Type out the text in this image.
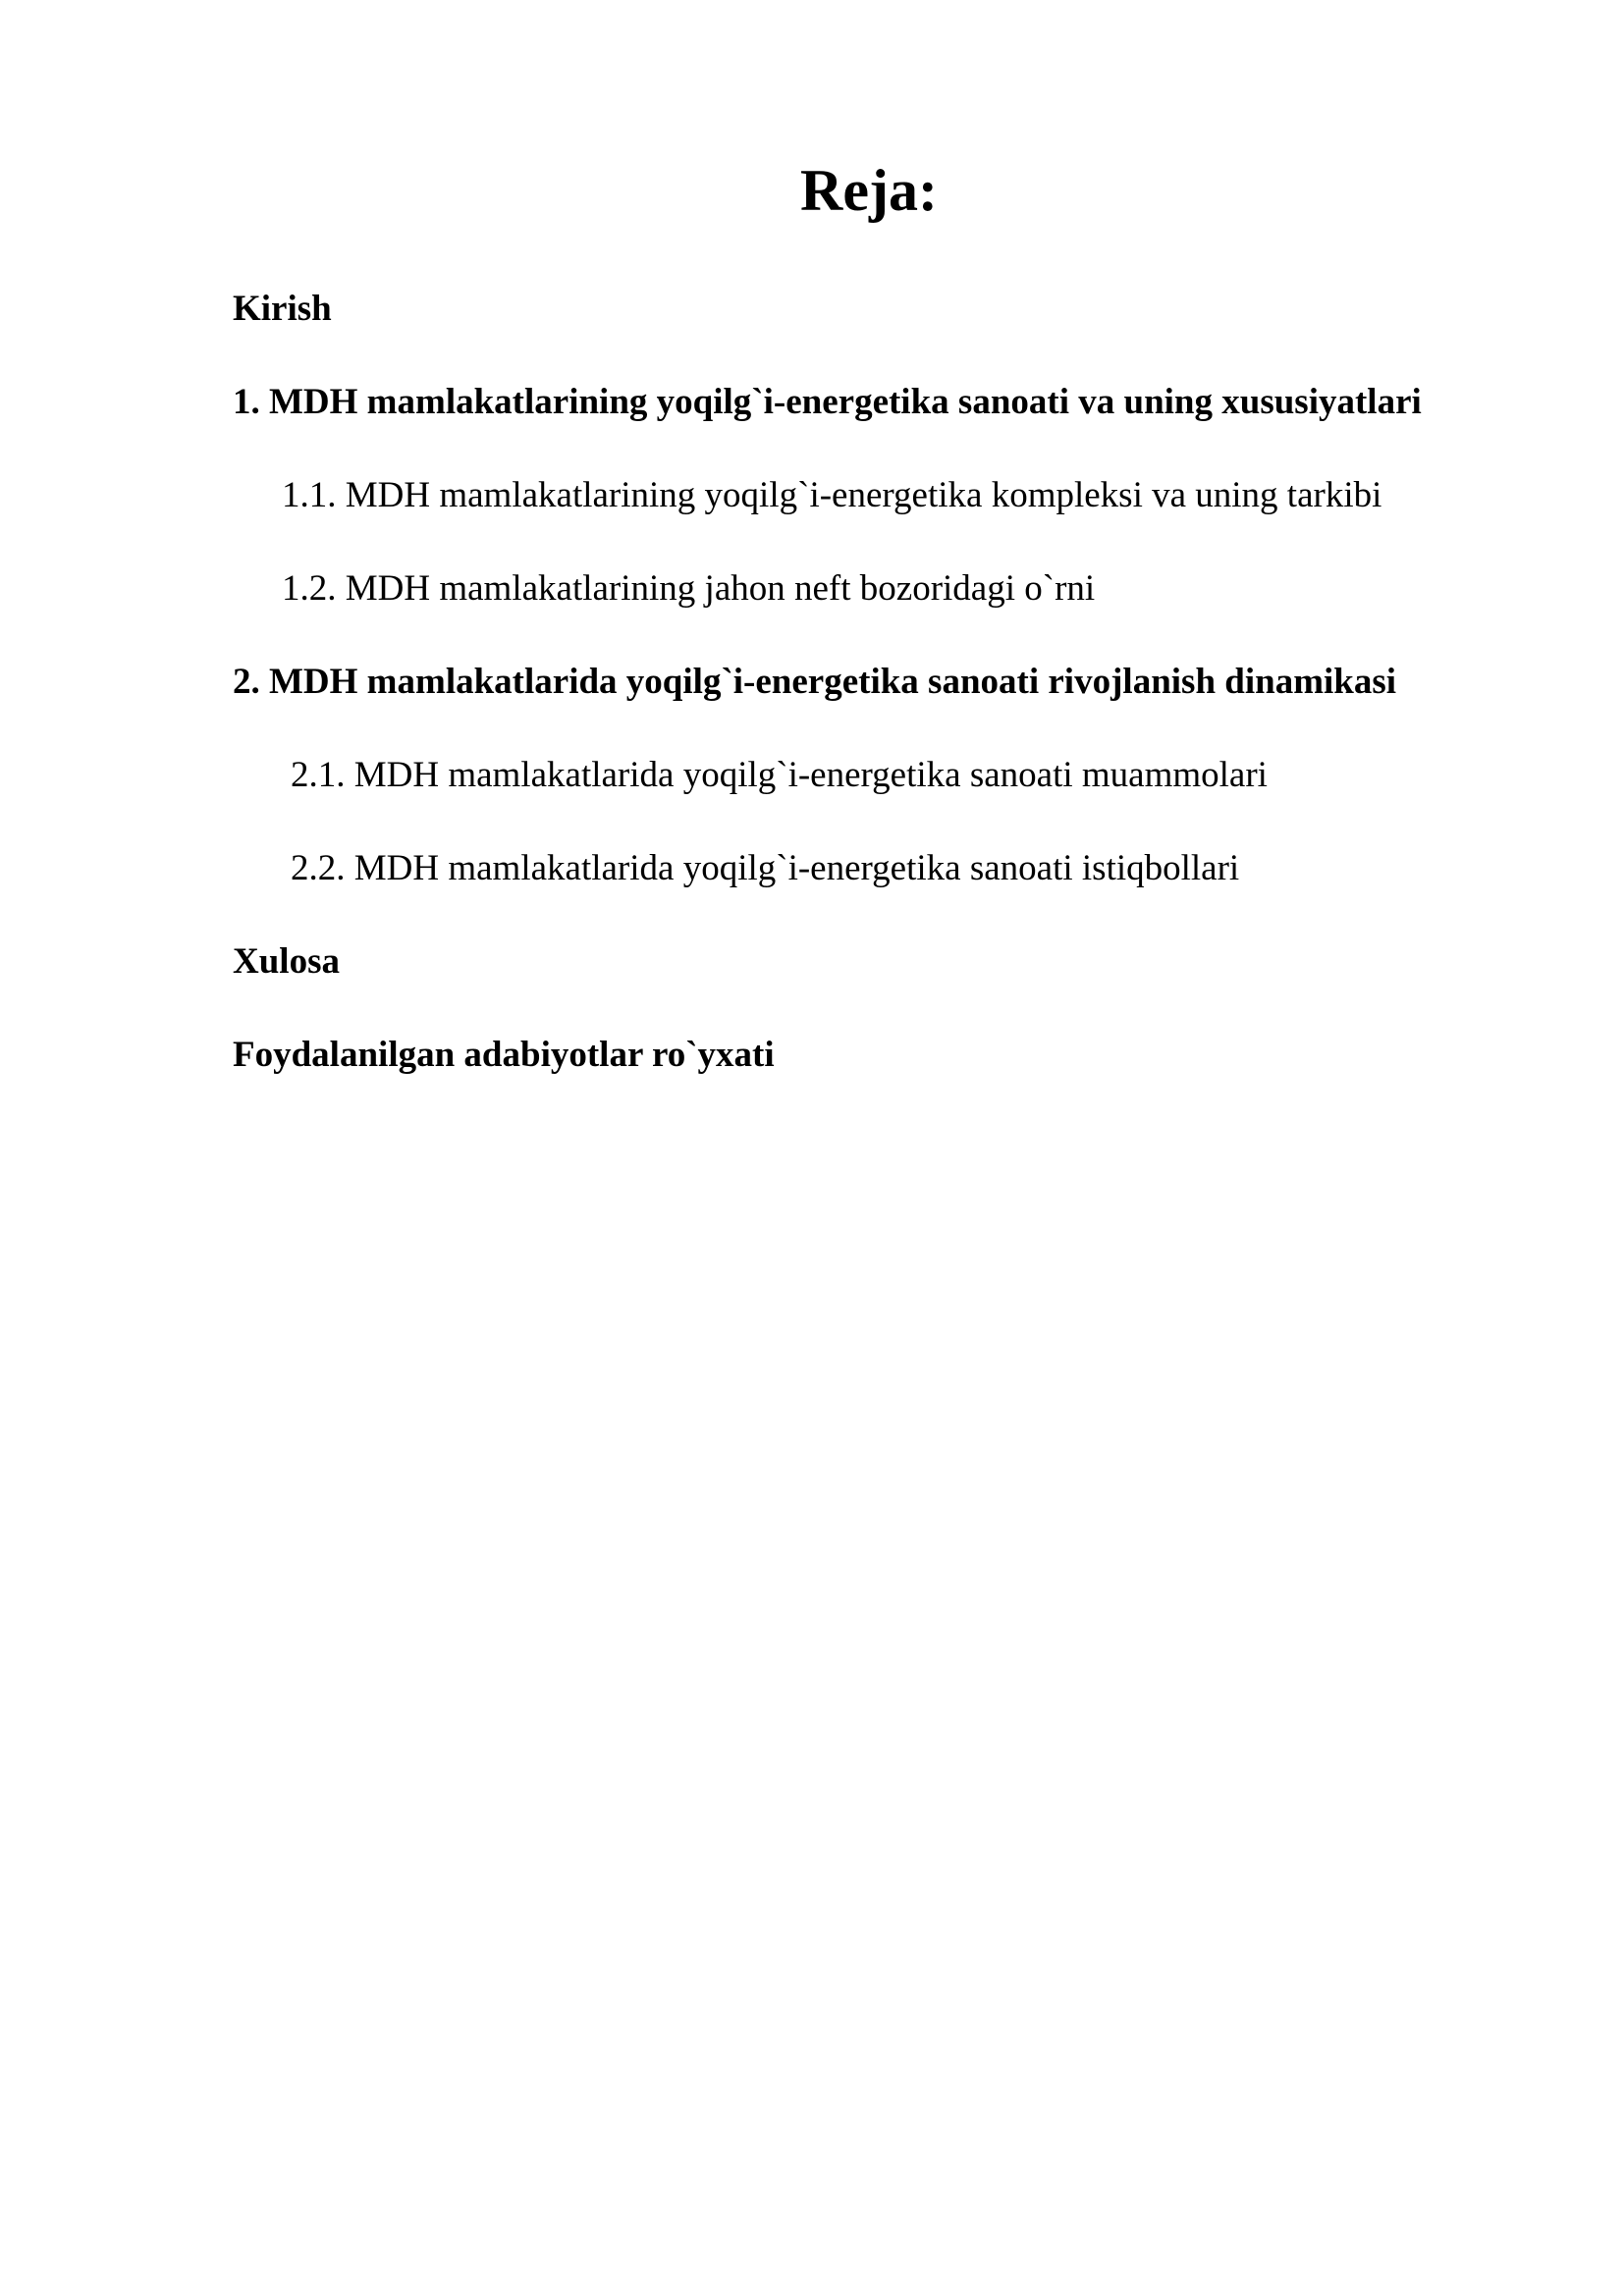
Reja:
Kirish
1. MDH mamlakatlarining yoqilg`i-energetika sanoati va uning xususiyatlari
1.1. MDH mamlakatlarining yoqilg`i-energetika kompleksi va uning tarkibi
1.2. MDH mamlakatlarining jahon neft bozoridagi o`rni
2. MDH mamlakatlarida yoqilg`i-energetika sanoati rivojlanish dinamikasi
2.1. MDH mamlakatlarida yoqilg`i-energetika sanoati muammolari
2.2. MDH mamlakatlarida yoqilg`i-energetika sanoati istiqbollari
Xulosa
Foydalanilgan adabiyotlar ro`yxati
